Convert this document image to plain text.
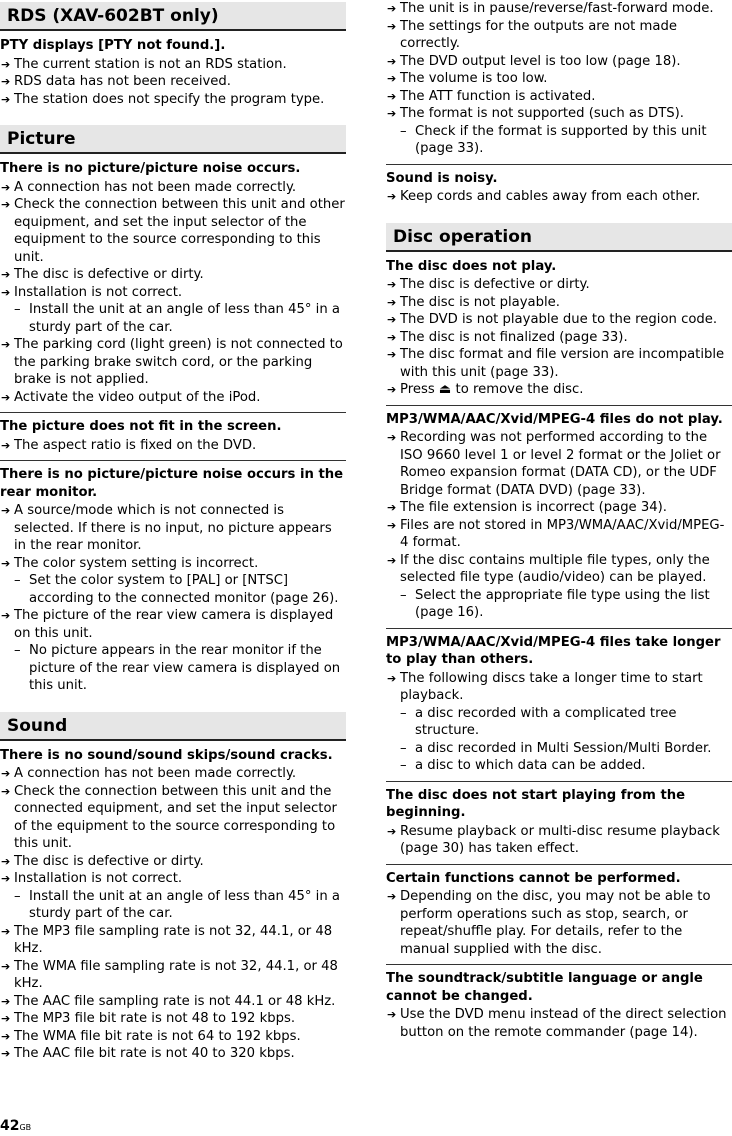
RDS (XAV-602BT only)
PTY displays [PTY not found.].
➔ The current station is not an RDS station.
➔ RDS data has not been received.
➔ The station does not specify the program type.
Picture
There is no picture/picture noise occurs.
➔ A connection has not been made correctly.
➔ Check the connection between this unit and other equipment, and set the input selector of the equipment to the source corresponding to this unit.
➔ The disc is defective or dirty.
➔ Installation is not correct.
– Install the unit at an angle of less than 45° in a sturdy part of the car.
➔ The parking cord (light green) is not connected to the parking brake switch cord, or the parking brake is not applied.
➔ Activate the video output of the iPod.
The picture does not fit in the screen.
➔ The aspect ratio is fixed on the DVD.
There is no picture/picture noise occurs in the rear monitor.
➔ A source/mode which is not connected is selected. If there is no input, no picture appears in the rear monitor.
➔ The color system setting is incorrect.
– Set the color system to [PAL] or [NTSC] according to the connected monitor (page 26).
➔ The picture of the rear view camera is displayed on this unit.
– No picture appears in the rear monitor if the picture of the rear view camera is displayed on this unit.
Sound
There is no sound/sound skips/sound cracks.
➔ A connection has not been made correctly.
➔ Check the connection between this unit and the connected equipment, and set the input selector of the equipment to the source corresponding to this unit.
➔ The disc is defective or dirty.
➔ Installation is not correct.
– Install the unit at an angle of less than 45° in a sturdy part of the car.
➔ The MP3 file sampling rate is not 32, 44.1, or 48 kHz.
➔ The WMA file sampling rate is not 32, 44.1, or 48 kHz.
➔ The AAC file sampling rate is not 44.1 or 48 kHz.
➔ The MP3 file bit rate is not 48 to 192 kbps.
➔ The WMA file bit rate is not 64 to 192 kbps.
➔ The AAC file bit rate is not 40 to 320 kbps.
➔ The unit is in pause/reverse/fast-forward mode.
➔ The settings for the outputs are not made correctly.
➔ The DVD output level is too low (page 18).
➔ The volume is too low.
➔ The ATT function is activated.
➔ The format is not supported (such as DTS).
– Check if the format is supported by this unit (page 33).
Sound is noisy.
➔ Keep cords and cables away from each other.
Disc operation
The disc does not play.
➔ The disc is defective or dirty.
➔ The disc is not playable.
➔ The DVD is not playable due to the region code.
➔ The disc is not finalized (page 33).
➔ The disc format and file version are incompatible with this unit (page 33).
➔ Press ⏏ to remove the disc.
MP3/WMA/AAC/Xvid/MPEG-4 files do not play.
➔ Recording was not performed according to the ISO 9660 level 1 or level 2 format or the Joliet or Romeo expansion format (DATA CD), or the UDF Bridge format (DATA DVD) (page 33).
➔ The file extension is incorrect (page 34).
➔ Files are not stored in MP3/WMA/AAC/Xvid/MPEG-4 format.
➔ If the disc contains multiple file types, only the selected file type (audio/video) can be played.
– Select the appropriate file type using the list (page 16).
MP3/WMA/AAC/Xvid/MPEG-4 files take longer to play than others.
➔ The following discs take a longer time to start playback.
– a disc recorded with a complicated tree structure.
– a disc recorded in Multi Session/Multi Border.
– a disc to which data can be added.
The disc does not start playing from the beginning.
➔ Resume playback or multi-disc resume playback (page 30) has taken effect.
Certain functions cannot be performed.
➔ Depending on the disc, you may not be able to perform operations such as stop, search, or repeat/shuffle play. For details, refer to the manual supplied with the disc.
The soundtrack/subtitle language or angle cannot be changed.
➔ Use the DVD menu instead of the direct selection button on the remote commander (page 14).
42GB
